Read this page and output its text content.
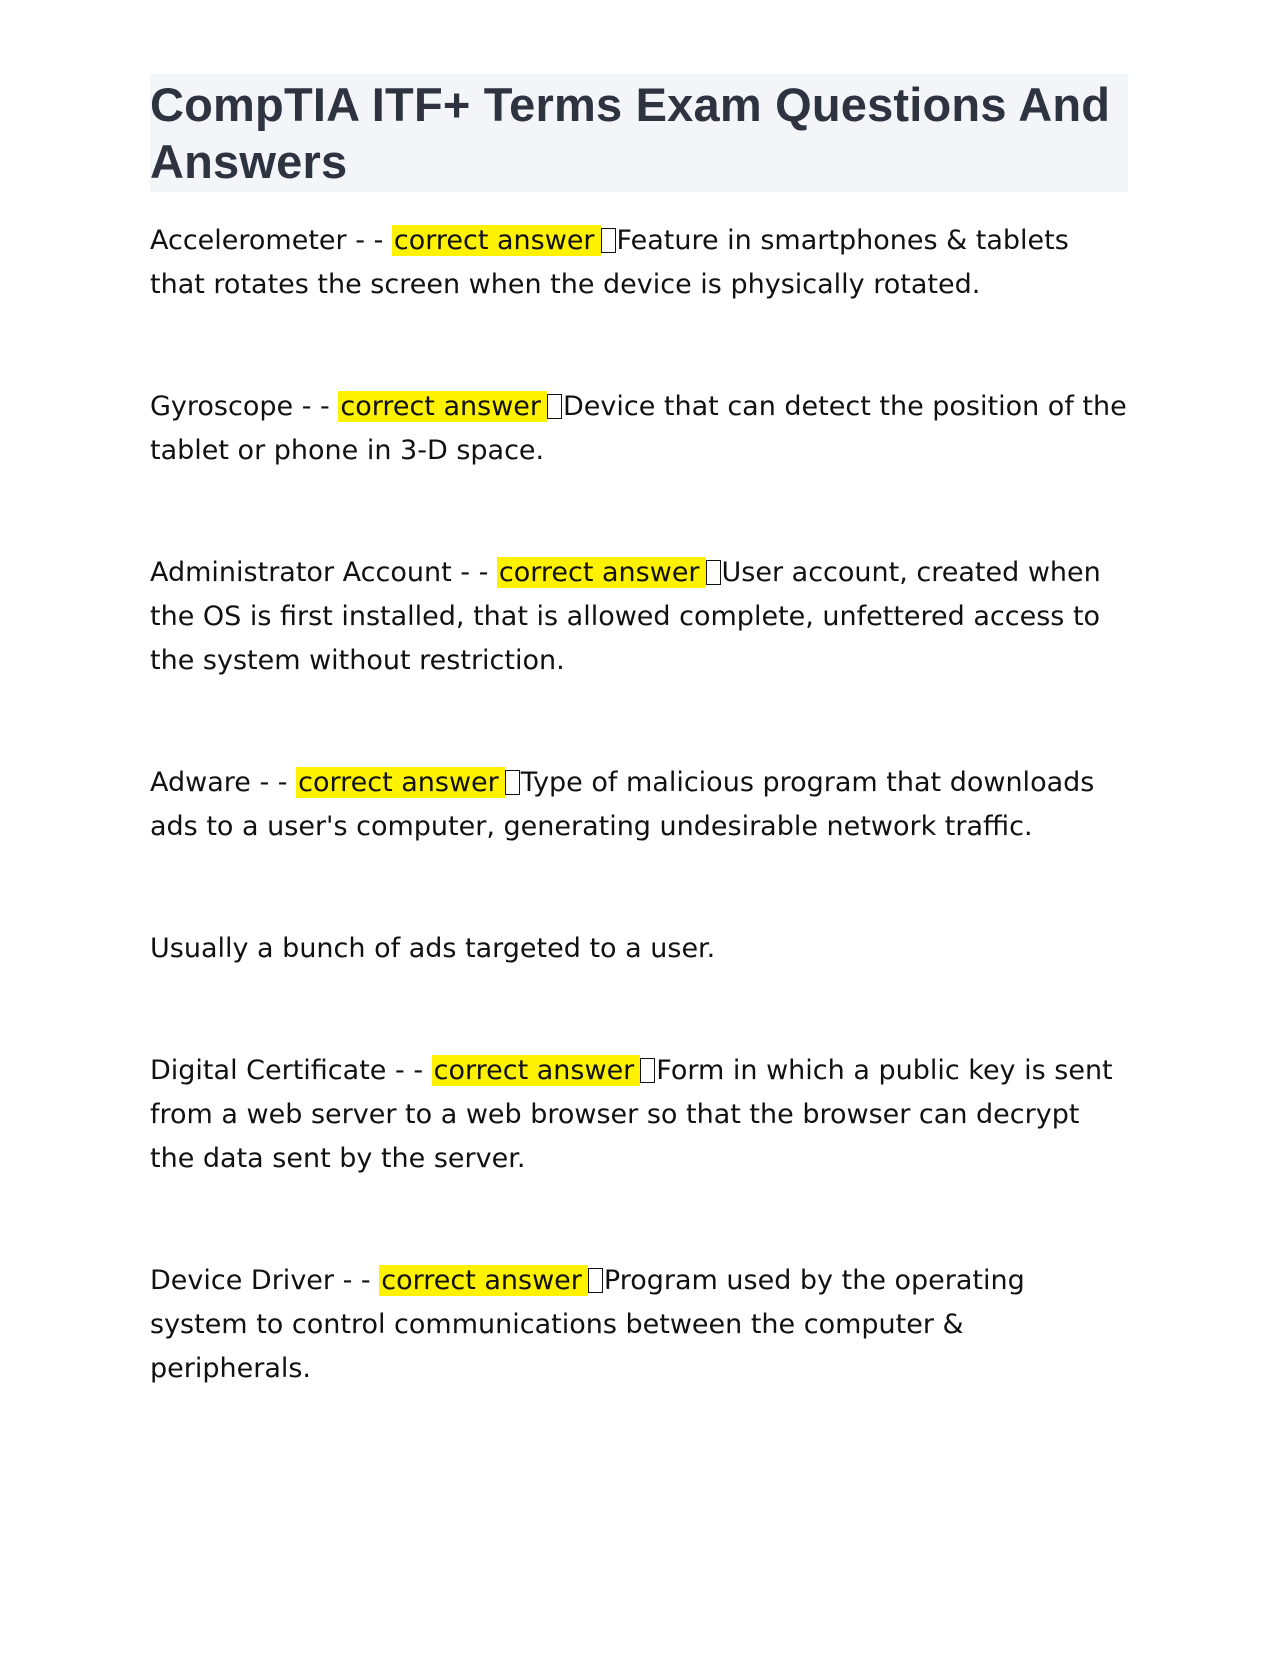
CompTIA ITF+ Terms Exam Questions And Answers

Accelerometer - - correct answer Feature in smartphones & tablets that rotates the screen when the device is physically rotated.

Gyroscope - - correct answer Device that can detect the position of the tablet or phone in 3-D space.

Administrator Account - - correct answer User account, created when the OS is first installed, that is allowed complete, unfettered access to the system without restriction.

Adware - - correct answer Type of malicious program that downloads ads to a user's computer, generating undesirable network traffic.

Usually a bunch of ads targeted to a user.

Digital Certificate - - correct answer Form in which a public key is sent from a web server to a web browser so that the browser can decrypt the data sent by the server.

Device Driver - - correct answer Program used by the operating system to control communications between the computer & peripherals.
